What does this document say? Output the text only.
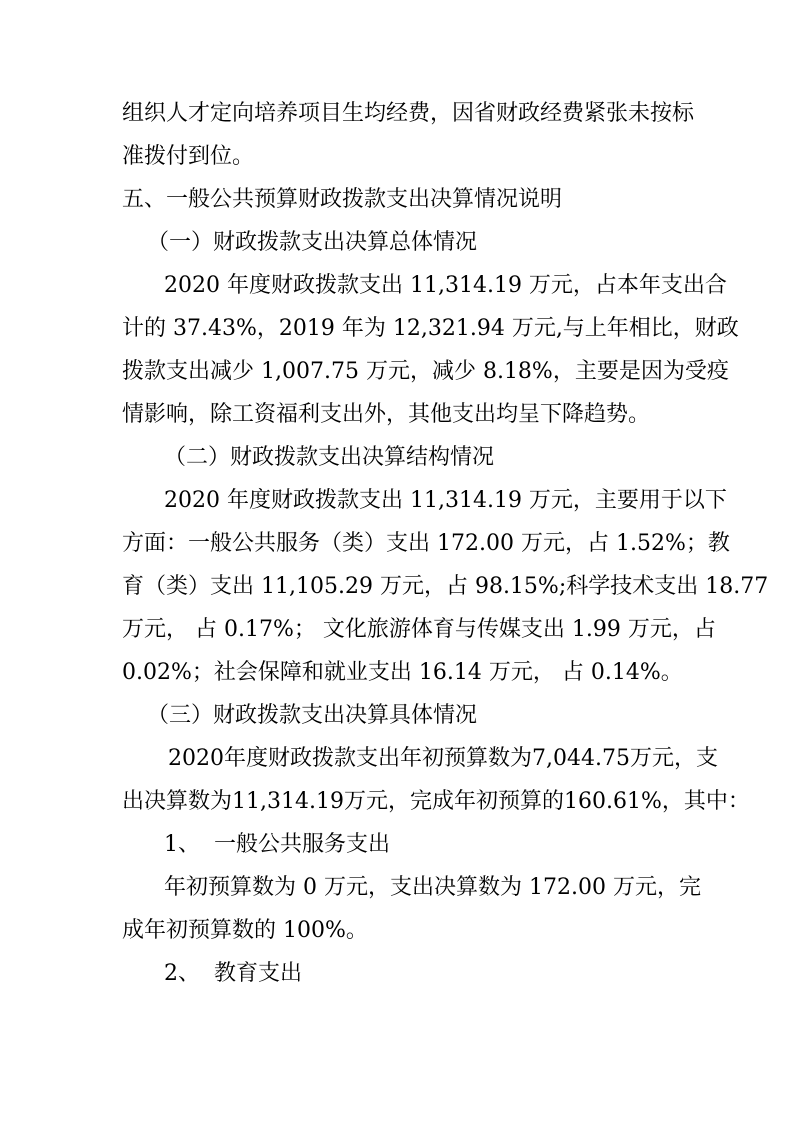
组织人才定向培养项目生均经费，因省财政经费紧张未按标
准拨付到位。
五、一般公共预算财政拨款支出决算情况说明
（一）财政拨款支出决算总体情况
2020 年度财政拨款支出 11,314.19 万元，占本年支出合
计的 37.43%，2019 年为 12,321.94 万元,与上年相比，财政
拨款支出减少 1,007.75 万元，减少 8.18%，主要是因为受疫
情影响，除工资福利支出外，其他支出均呈下降趋势。
（二）财政拨款支出决算结构情况
2020 年度财政拨款支出 11,314.19 万元，主要用于以下
方面：一般公共服务（类）支出 172.00 万元，占 1.52%；教
育（类）支出 11,105.29 万元，占 98.15%;科学技术支出 18.77
万元， 占 0.17%； 文化旅游体育与传媒支出 1.99 万元，占
0.02%；社会保障和就业支出 16.14 万元， 占 0.14%。
（三）财政拨款支出决算具体情况
2020年度财政拨款支出年初预算数为7,044.75万元，支
出决算数为11,314.19万元，完成年初预算的160.61%，其中：
1、 一般公共服务支出
年初预算数为 0 万元，支出决算数为 172.00 万元，完
成年初预算数的 100%。
2、 教育支出
